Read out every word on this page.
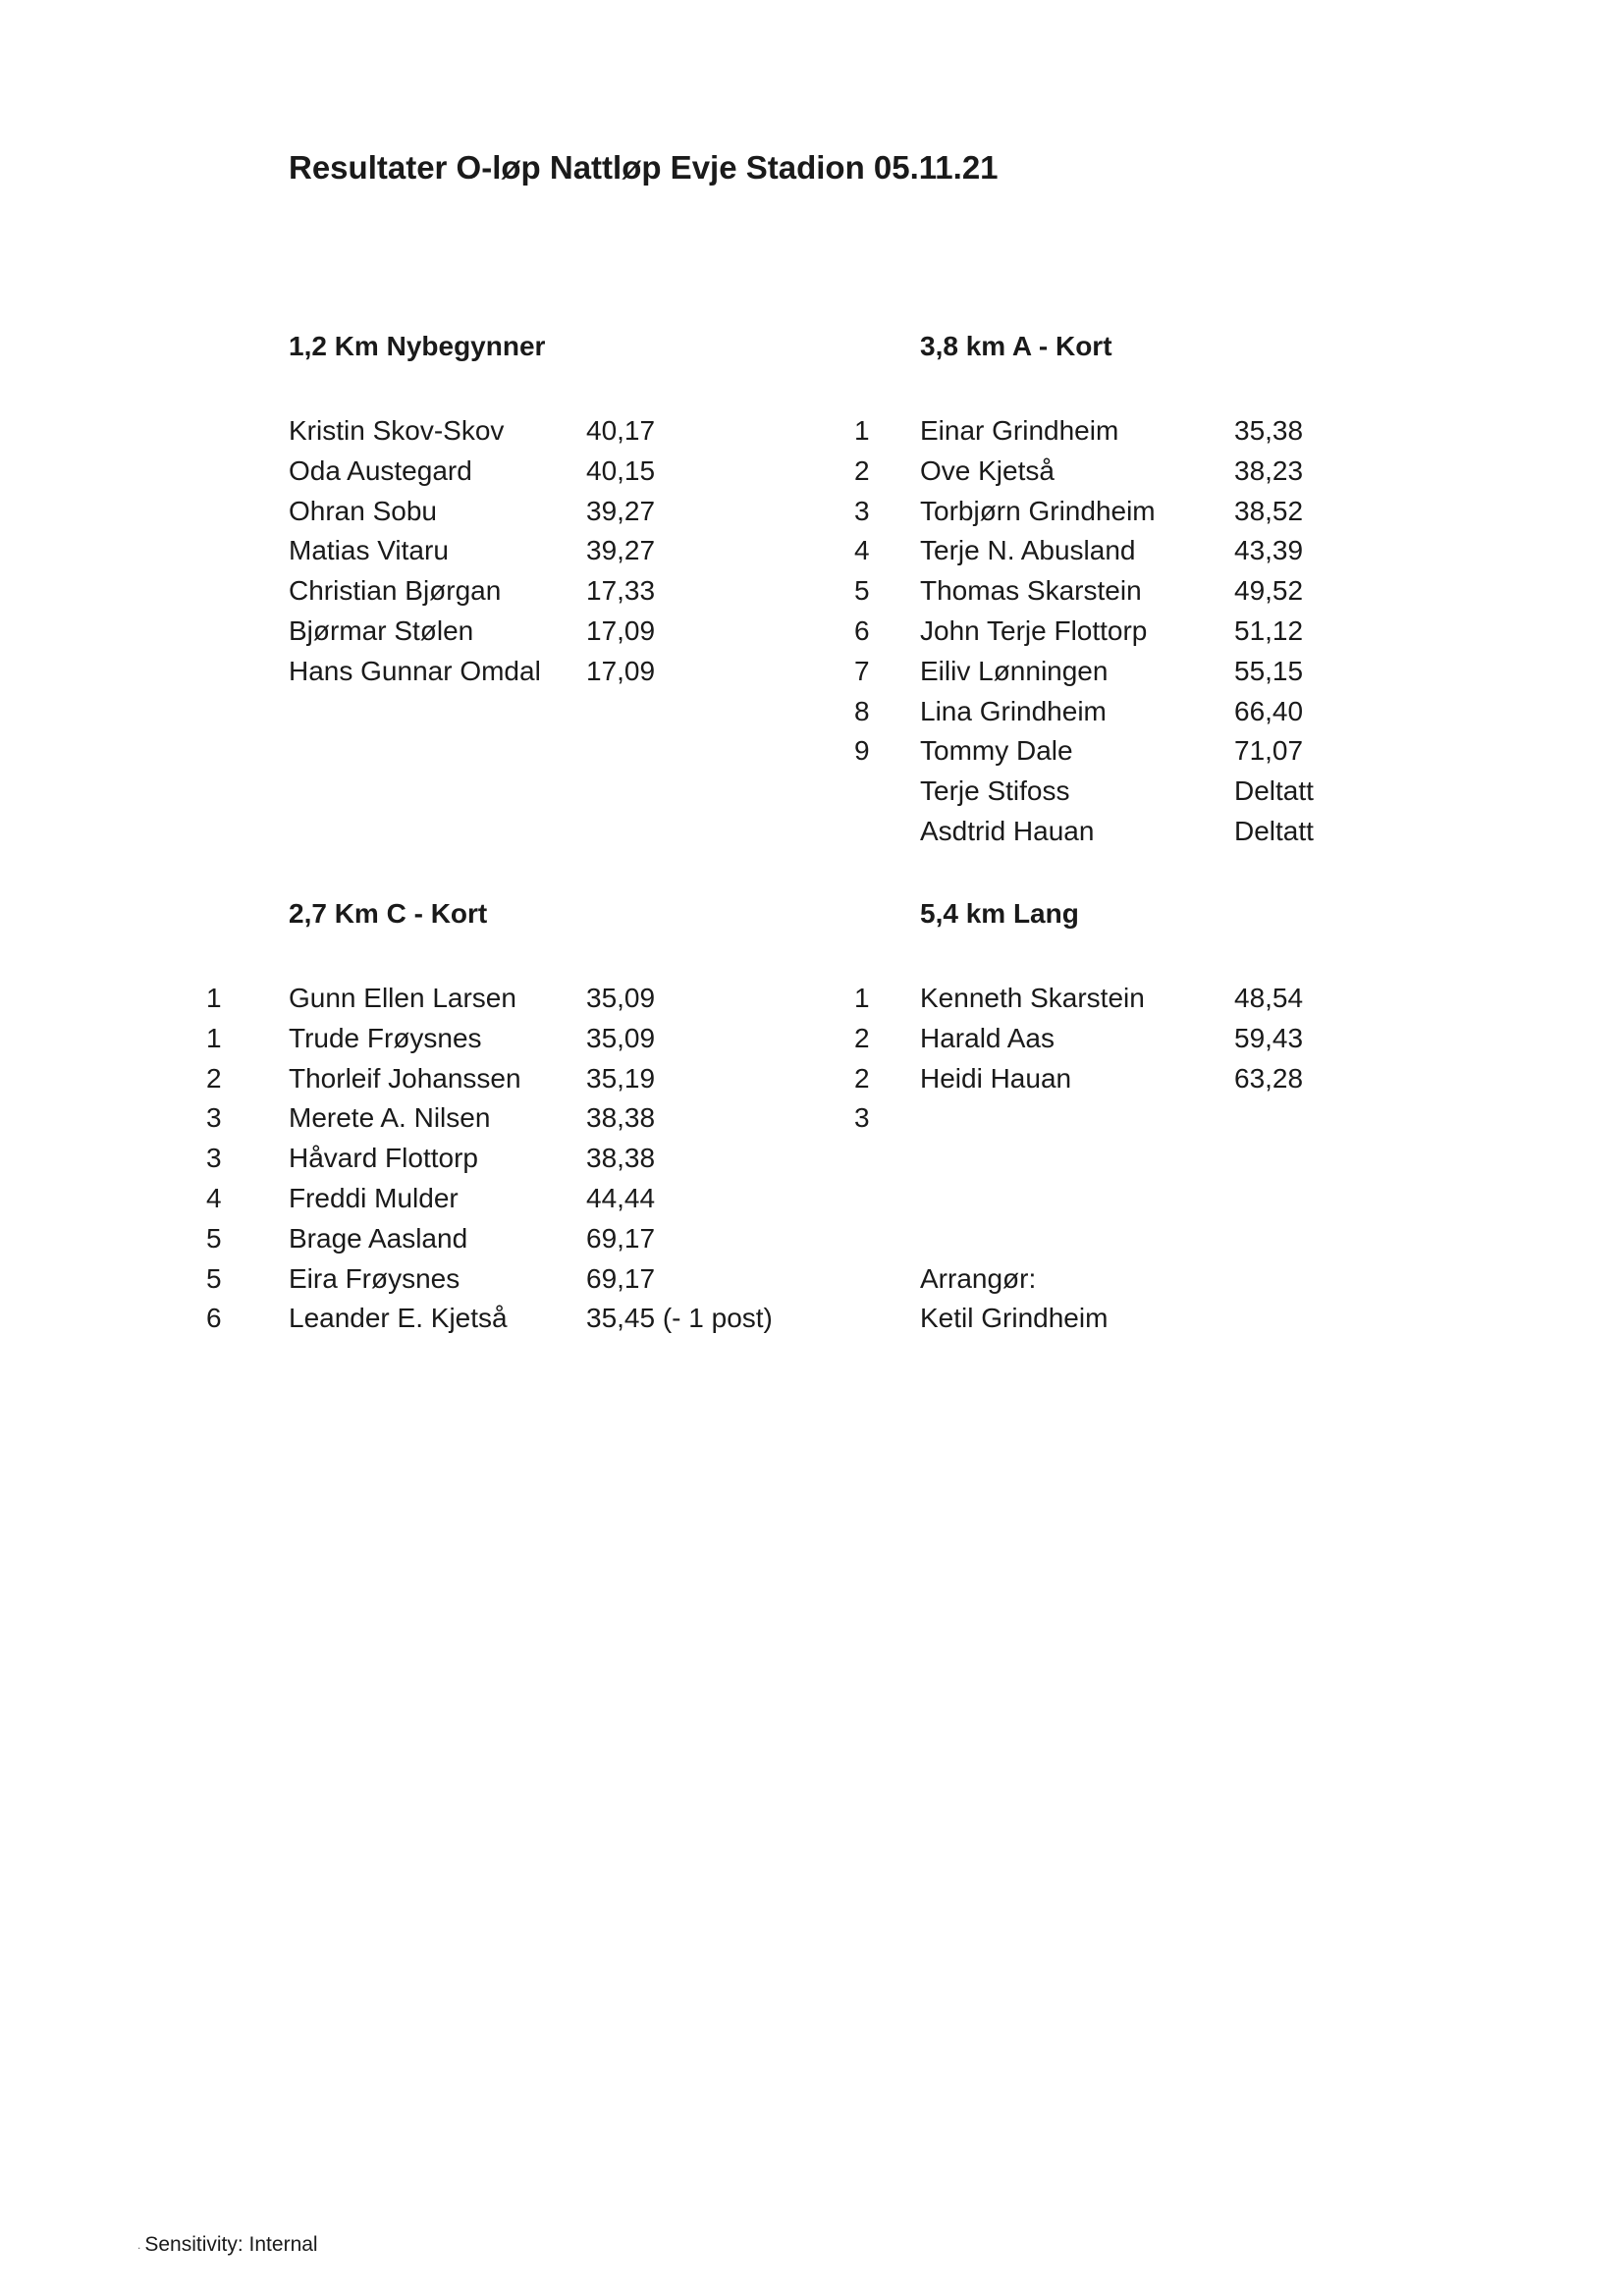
Resultater O-løp Nattløp Evje Stadion 05.11.21
1,2 Km Nybegynner
Kristin Skov-Skov	40,17
Oda Austegard	40,15
Ohran Sobu	39,27
Matias Vitaru	39,27
Christian Bjørgan	17,33
Bjørmar Stølen	17,09
Hans Gunnar Omdal 17,09
3,8 km A - Kort
1 Einar Grindheim	35,38
2 Ove Kjetså	38,23
3 Torbjørn Grindheim	38,52
4 Terje N. Abusland	43,39
5 Thomas Skarstein	49,52
6 John Terje Flottorp	51,12
7 Eiliv Lønningen	55,15
8 Lina Grindheim	66,40
9 Tommy Dale	71,07
Terje Stifoss	Deltatt
Asdtrid Hauan	Deltatt
2,7 Km C - Kort
1 Gunn Ellen Larsen	35,09
1 Trude Frøysnes	35,09
2 Thorleif Johanssen 35,19
3 Merete A. Nilsen	38,38
3 Håvard Flottorp	38,38
4 Freddi Mulder	44,44
5 Brage Aasland	69,17
5 Eira Frøysnes	69,17
6 Leander E. Kjetså	35,45 (- 1 post)
5,4 km Lang
1 Kenneth Skarstein	48,54
2 Harald Aas	59,43
2 Heidi Hauan	63,28
3
Arrangør:
Ketil Grindheim
. Sensitivity: Internal
